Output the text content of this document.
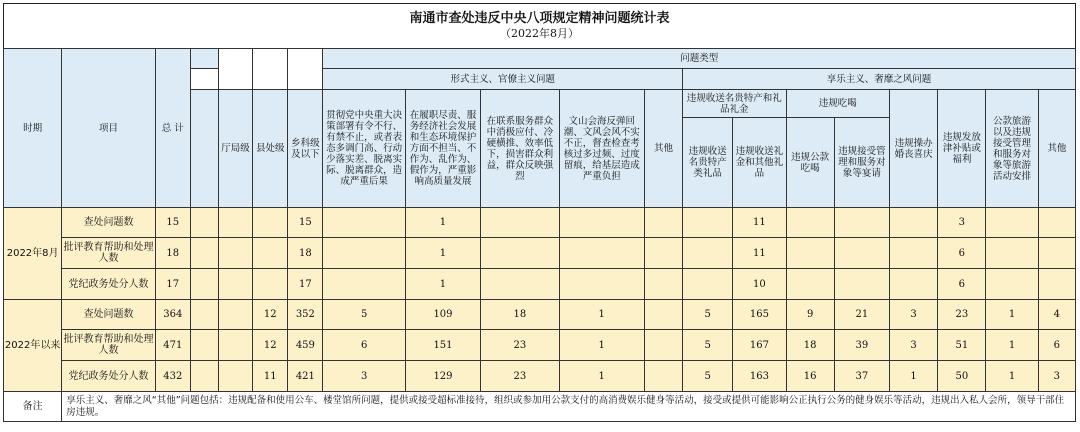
南通市查处违反中央八项规定精神问题统计表
（2022年8月）
时期	项目	总 计					问题类型												
							形式主义、官僚主义问题					享乐主义、奢靡之风问题							
				厅局级	县处级	乡科级及以下	贯彻党中央重大决策部署有令不行、有禁不止，或者表态多调门高、行动少落实差、脱离实际、脱离群众，造成严重后果	在履职尽责、服务经济社会发展和生态环境保护方面不担当、不作为、乱作为、假作为，严重影响高质量发展	在联系服务群众中消极应付、冷硬横推、效率低下，损害群众利益，群众反映强烈	文山会海反弹回潮、文风会风不实不正，督查检查考核过多过频、过度留痕，给基层造成严重负担	其他	违规收送名贵特产和礼品礼金		违规吃喝		违规操办婚丧喜庆	违规发放津补贴或福利	公款旅游以及违规接受管理和服务对象等旅游活动安排	其他
												违规收送名贵特产类礼品	违规收送礼金和其他礼品	违规公款吃喝	违规接受管理和服务对象等宴请				
2022年8月	查处问题数	15				15		1					11				3		
	批评教育帮助和处理人数	18				18		1					11				6		
	党纪政务处分人数	17				17		1					10				6		
2022年以来	查处问题数	364			12	352	5	109	18	1		5	165	9	21	3	23	1	4
	批评教育帮助和处理人数	471			12	459	6	151	23	1		5	167	18	39	3	51	1	6
	党纪政务处分人数	432			11	421	3	129	23	1		5	163	16	37	1	50	1	3
备注	享乐主义、奢靡之风“其他”问题包括：违规配备和使用公车、楼堂馆所问题，提供或接受超标准接待，组织或参加用公款支付的高消费娱乐健身等活动，接受或提供可能影响公正执行公务的健身娱乐等活动，违规出入私人会所，领导干部住房违规。																		
